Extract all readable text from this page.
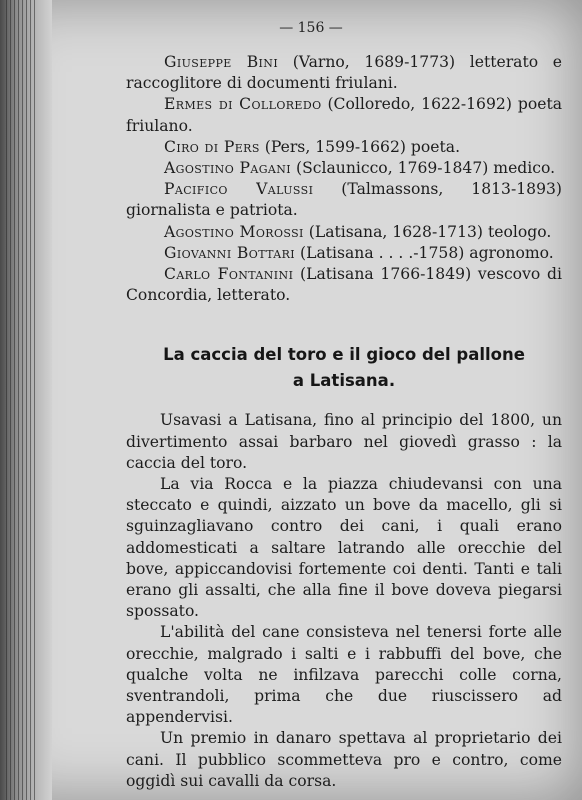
— 156 —

Giuseppe Bini (Varno, 1689-1773) letterato e raccoglitore di documenti friulani.

Ermes di Colloredo (Colloredo, 1622-1692) poeta friulano.

Ciro di Pers (Pers, 1599-1662) poeta.

Agostino Pagani (Sclaunicco, 1769-1847) medico.

Pacifico Valussi (Talmassons, 1813-1893) giornalista e patriota.

Agostino Morossi (Latisana, 1628-1713) teologo.

Giovanni Bottari (Latisana . . . .-1758) agronomo.

Carlo Fontanini (Latisana 1766-1849) vescovo di Concordia, letterato.

La caccia del toro e il gioco del pallone
a Latisana.

Usavasi a Latisana, fino al principio del 1800, un divertimento assai barbaro nel giovedì grasso : la caccia del toro.

La via Rocca e la piazza chiudevansi con una steccato e quindi, aizzato un bove da macello, gli si sguinzagliavano contro dei cani, i quali erano addomesticati a saltare latrando alle orecchie del bove, appiccandovisi fortemente coi denti. Tanti e tali erano gli assalti, che alla fine il bove doveva piegarsi spossato.

L'abilità del cane consisteva nel tenersi forte alle orecchie, malgrado i salti e i rabbuffi del bove, che qualche volta ne infilzava parecchi colle corna, sventrandoli, prima che due riuscissero ad appendervisi.

Un premio in danaro spettava al proprietario dei cani. Il pubblico scommetteva pro e contro, come oggidì sui cavalli da corsa.
